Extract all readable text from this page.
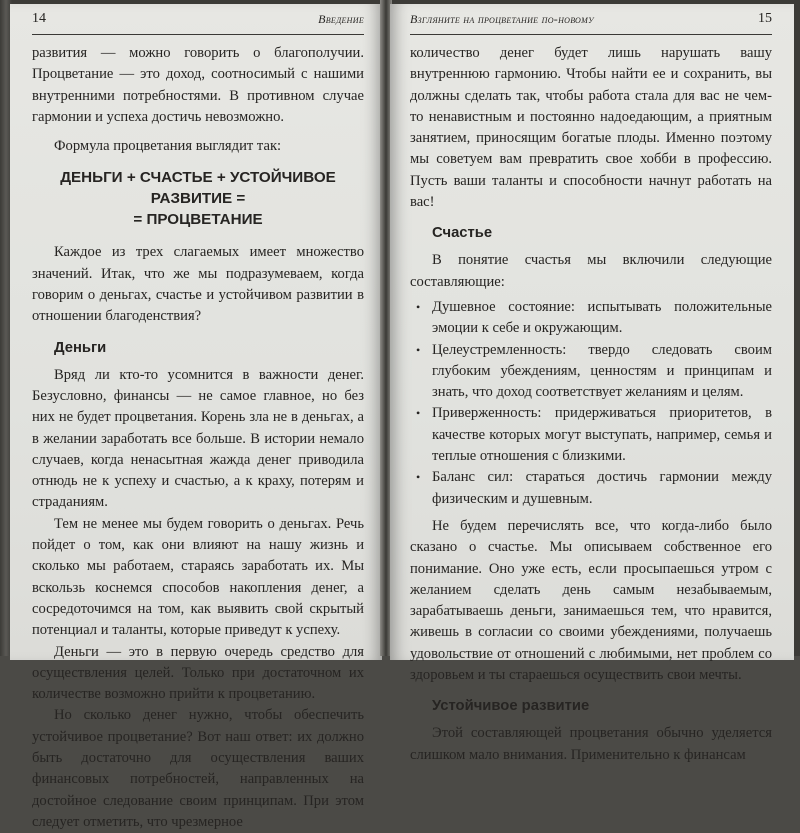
14	Введение

развития — можно говорить о благополучии. Процветание — это доход, соотносимый с нашими внутренними потребностями. В противном случае гармонии и успеха достичь невозможно.

Формула процветания выглядит так:

ДЕНЬГИ + СЧАСТЬЕ + УСТОЙЧИВОЕ РАЗВИТИЕ =
= ПРОЦВЕТАНИЕ

Каждое из трех слагаемых имеет множество значений. Итак, что же мы подразумеваем, когда говорим о деньгах, счастье и устойчивом развитии в отношении благоденствия?

Деньги

Вряд ли кто-то усомнится в важности денег. Безусловно, финансы — не самое главное, но без них не будет процветания. Корень зла не в деньгах, а в желании заработать все больше. В истории немало случаев, когда ненасытная жажда денег приводила отнюдь не к успеху и счастью, а к краху, потерям и страданиям.

Тем не менее мы будем говорить о деньгах. Речь пойдет о том, как они влияют на нашу жизнь и сколько мы работаем, стараясь заработать их. Мы вскользь коснемся способов накопления денег, а сосредоточимся на том, как выявить свой скрытый потенциал и таланты, которые приведут к успеху.

Деньги — это в первую очередь средство для осуществления целей. Только при достаточном их количестве возможно прийти к процветанию.

Но сколько денег нужно, чтобы обеспечить устойчивое процветание? Вот наш ответ: их должно быть достаточно для осуществления ваших финансовых потребностей, направленных на достойное следование своим принципам. При этом следует отметить, что чрезмерное

Взгляните на процветание по-новому	15

количество денег будет лишь нарушать вашу внутреннюю гармонию. Чтобы найти ее и сохранить, вы должны сделать так, чтобы работа стала для вас не чем-то ненавистным и постоянно надоедающим, а приятным занятием, приносящим богатые плоды. Именно поэтому мы советуем вам превратить свое хобби в профессию. Пусть ваши таланты и способности начнут работать на вас!

Счастье

В понятие счастья мы включили следующие составляющие:

• Душевное состояние: испытывать положительные эмоции к себе и окружающим.
• Целеустремленность: твердо следовать своим глубоким убеждениям, ценностям и принципам и знать, что доход соответствует желаниям и целям.
• Приверженность: придерживаться приоритетов, в качестве которых могут выступать, например, семья и теплые отношения с близкими.
• Баланс сил: стараться достичь гармонии между физическим и душевным.

Не будем перечислять все, что когда-либо было сказано о счастье. Мы описываем собственное его понимание. Оно уже есть, если просыпаешься утром с желанием сделать день самым незабываемым, зарабатываешь деньги, занимаешься тем, что нравится, живешь в согласии со своими убеждениями, получаешь удовольствие от отношений с любимыми, нет проблем со здоровьем и ты стараешься осуществить свои мечты.

Устойчивое развитие

Этой составляющей процветания обычно уделяется слишком мало внимания. Применительно к финансам
